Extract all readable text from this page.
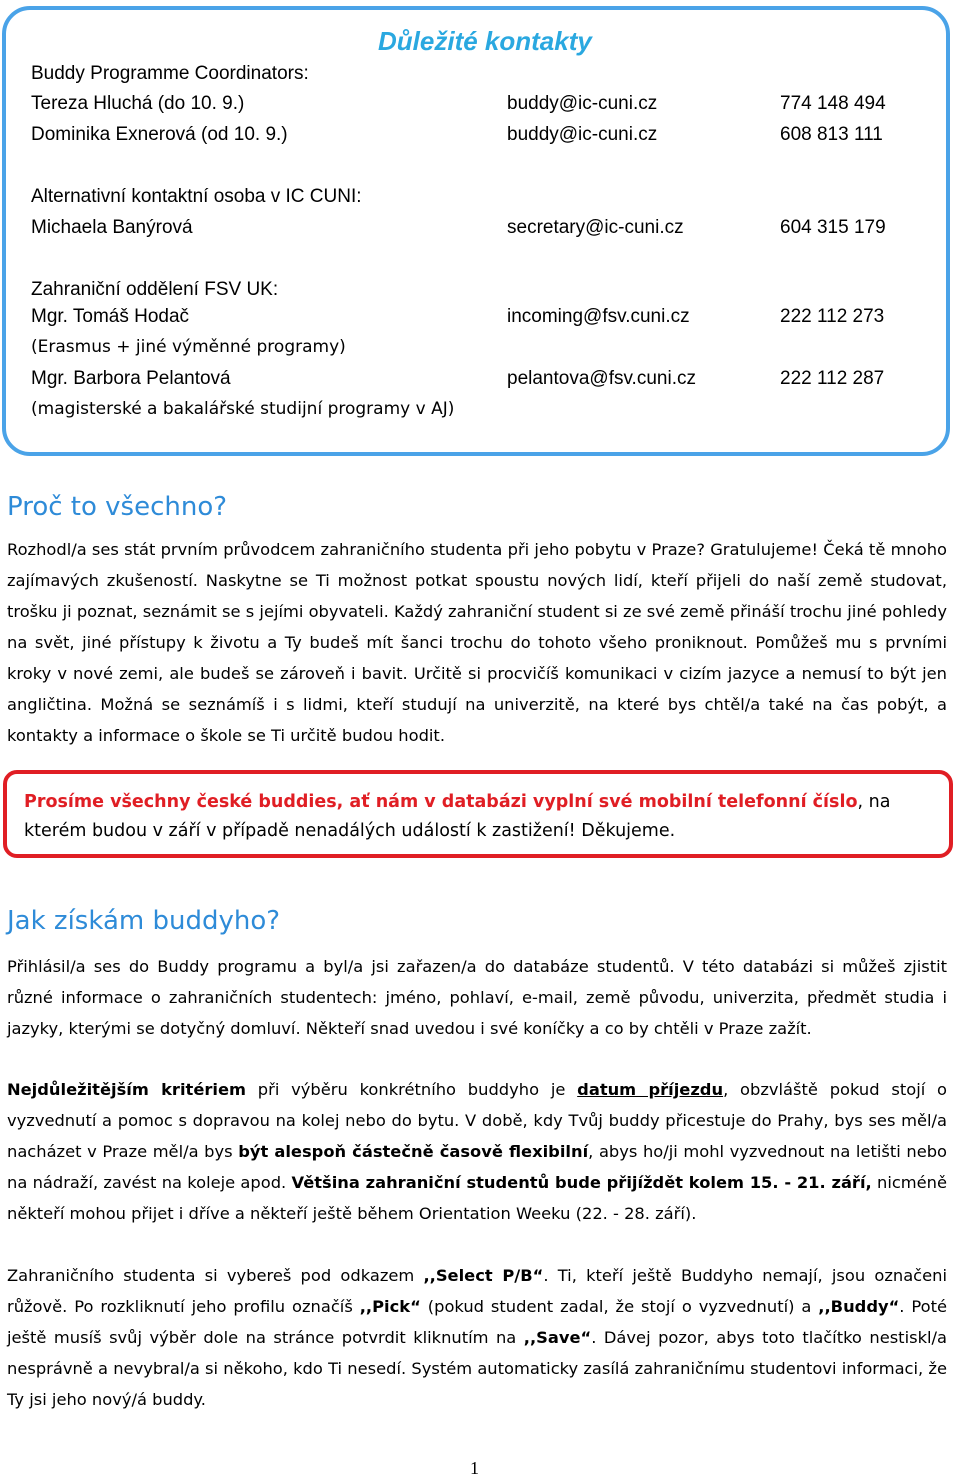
Důležité kontakty
Buddy Programme Coordinators:
Tereza Hluchá (do 10. 9.)	buddy@ic-cuni.cz	774 148 494
Dominika Exnerová (od 10. 9.)	buddy@ic-cuni.cz	608 813 111
Alternativní kontaktní osoba v IC CUNI:
Michaela Banýrová	secretary@ic-cuni.cz	604 315 179
Zahraniční oddělení FSV UK:
Mgr. Tomáš Hodač	incoming@fsv.cuni.cz	222 112 273
(Erasmus + jiné výměnné programy)
Mgr. Barbora Pelantová	pelantova@fsv.cuni.cz	222 112 287
(magisterské a bakalářské studijní programy v AJ)
Proč to všechno?

Rozhodl/a ses stát prvním průvodcem zahraničního studenta při jeho pobytu v Praze? Gratulujeme! Čeká tě mnoho zajímavých zkušeností. Naskytne se Ti možnost potkat spoustu nových lidí, kteří přijeli do naší země studovat, trošku ji poznat, seznámit se s jejími obyvateli. Každý zahraniční student si ze své země přináší trochu jiné pohledy na svět, jiné přístupy k životu a Ty budeš mít šanci trochu do tohoto všeho proniknout. Pomůžeš mu s prvními kroky v nové zemi, ale budeš se zároveň i bavit. Určitě si procvičíš komunikaci v cizím jazyce a nemusí to být jen angličtina. Možná se seznámíš i s lidmi, kteří studují na univerzitě, na které bys chtěl/a také na čas pobýt, a kontakty a informace o škole se Ti určitě budou hodit.

Prosíme všechny české buddies, ať nám v databázi vyplní své mobilní telefonní číslo, na kterém budou v září v případě nenadálých událostí k zastižení! Děkujeme.

Jak získám buddyho?

Přihlásil/a ses do Buddy programu a byl/a jsi zařazen/a do databáze studentů. V této databázi si můžeš zjistit různé informace o zahraničních studentech: jméno, pohlaví, e-mail, země původu, univerzita, předmět studia i jazyky, kterými se dotyčný domluví. Někteří snad uvedou i své koníčky a co by chtěli v Praze zažít.

Nejdůležitějším kritériem při výběru konkrétního buddyho je datum příjezdu, obzvláště pokud stojí o vyzvednutí a pomoc s dopravou na kolej nebo do bytu. V době, kdy Tvůj buddy přicestuje do Prahy, bys ses měl/a nacházet v Praze měl/a bys být alespoň částečně časově flexibilní, abys ho/ji mohl vyzvednout na letišti nebo na nádraží, zavést na koleje apod. Většina zahraniční studentů bude přijíždět kolem 15. - 21. září, nicméně někteří mohou přijet i dříve a někteří ještě během Orientation Weeku (22. - 28. září).

Zahraničního studenta si vybereš pod odkazem ,,Select P/B“. Ti, kteří ještě Buddyho nemají, jsou označeni růžově. Po rozkliknutí jeho profilu označíš ,,Pick“ (pokud student zadal, že stojí o vyzvednutí) a ,,Buddy“. Poté ještě musíš svůj výběr dole na stránce potvrdit kliknutím na ,,Save“. Dávej pozor, abys toto tlačítko nestiskl/a nesprávně a nevybral/a si někoho, kdo Ti nesedí. Systém automaticky zasílá zahraničnímu studentovi informaci, že Ty jsi jeho nový/á buddy.

1
